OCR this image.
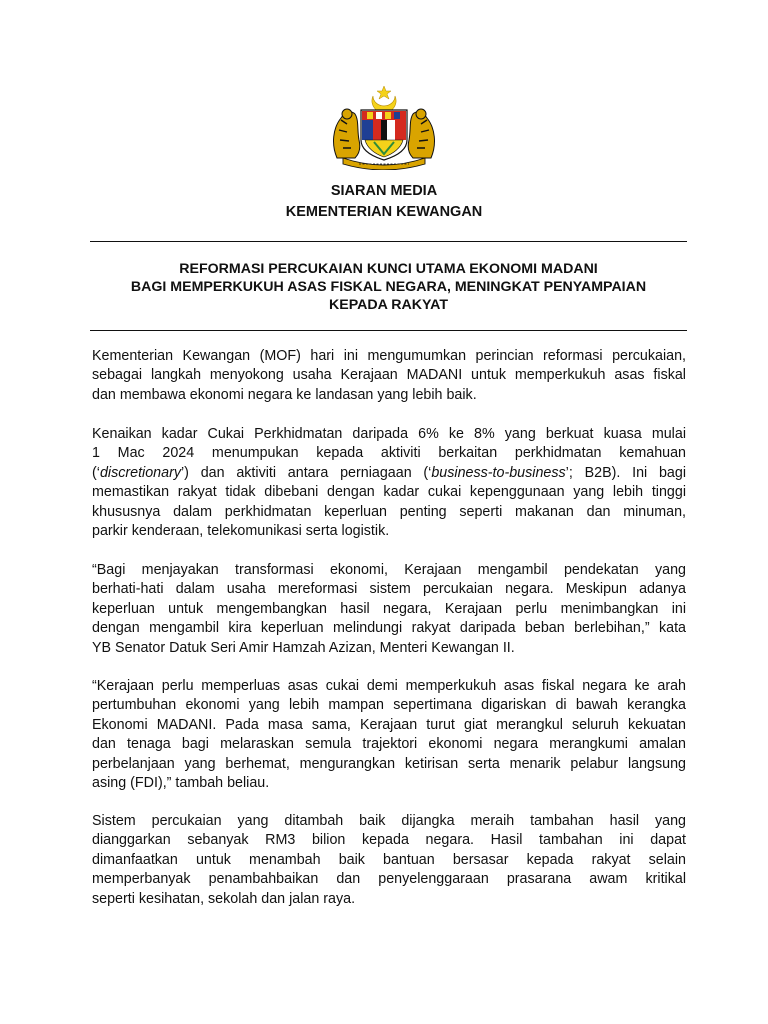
SIARAN MEDIA
KEMENTERIAN KEWANGAN
REFORMASI PERCUKAIAN KUNCI UTAMA EKONOMI MADANI
BAGI MEMPERKUKUH ASAS FISKAL NEGARA, MENINGKAT PENYAMPAIAN
KEPADA RAKYAT
Kementerian Kewangan (MOF) hari ini mengumumkan perincian reformasi percukaian,
sebagai langkah menyokong usaha Kerajaan MADANI untuk memperkukuh asas fiskal
dan membawa ekonomi negara ke landasan yang lebih baik.
Kenaikan kadar Cukai Perkhidmatan daripada 6% ke 8% yang berkuat kuasa mulai
1 Mac 2024 menumpukan kepada aktiviti berkaitan perkhidmatan kemahuan
(‘discretionary’) dan aktiviti antara perniagaan (‘business-to-business’; B2B). Ini bagi
memastikan rakyat tidak dibebani dengan kadar cukai kepenggunaan yang lebih tinggi
khususnya dalam perkhidmatan keperluan penting seperti makanan dan minuman,
parkir kenderaan, telekomunikasi serta logistik.
“Bagi menjayakan transformasi ekonomi, Kerajaan mengambil pendekatan yang
berhati-hati dalam usaha mereformasi sistem percukaian negara. Meskipun adanya
keperluan untuk mengembangkan hasil negara, Kerajaan perlu menimbangkan ini
dengan mengambil kira keperluan melindungi rakyat daripada beban berlebihan,” kata
YB Senator Datuk Seri Amir Hamzah Azizan, Menteri Kewangan II.
“Kerajaan perlu memperluas asas cukai demi memperkukuh asas fiskal negara ke arah
pertumbuhan ekonomi yang lebih mampan sepertimana digariskan di bawah kerangka
Ekonomi MADANI. Pada masa sama, Kerajaan turut giat merangkul seluruh kekuatan
dan tenaga bagi melaraskan semula trajektori ekonomi negara merangkumi amalan
perbelanjaan yang berhemat, mengurangkan ketirisan serta menarik pelabur langsung
asing (FDI),” tambah beliau.
Sistem percukaian yang ditambah baik dijangka meraih tambahan hasil yang
dianggarkan sebanyak RM3 bilion kepada negara. Hasil tambahan ini dapat
dimanfaatkan untuk menambah baik bantuan bersasar kepada rakyat selain
memperbanyak penambahbaikan dan penyelenggaraan prasarana awam kritikal
seperti kesihatan, sekolah dan jalan raya.
